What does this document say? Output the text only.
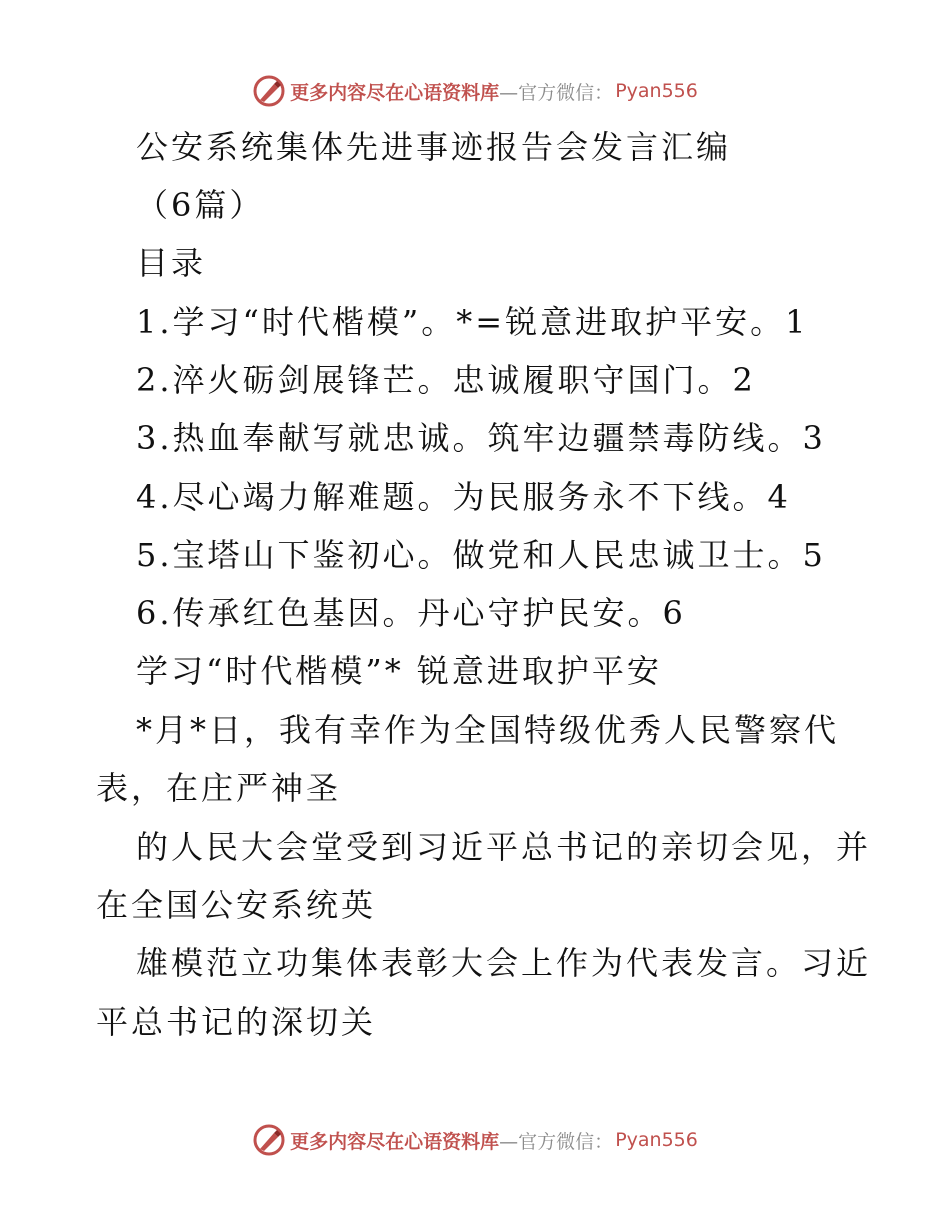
更多内容尽在心语资料库 —官方微信： Pyan556
公安系统集体先进事迹报告会发言汇编
（6篇）
目录
1.学习“时代楷模”。*=锐意进取护平安。1
2.淬火砺剑展锋芒。忠诚履职守国门。2
3.热血奉献写就忠诚。筑牢边疆禁毒防线。3
4.尽心竭力解难题。为民服务永不下线。4
5.宝塔山下鉴初心。做党和人民忠诚卫士。5
6.传承红色基因。丹心守护民安。6
学习“时代楷模”* 锐意进取护平安
*月*日，我有幸作为全国特级优秀人民警察代
表，在庄严神圣
的人民大会堂受到习近平总书记的亲切会见，并
在全国公安系统英
雄模范立功集体表彰大会上作为代表发言。习近
平总书记的深切关
更多内容尽在心语资料库 —官方微信： Pyan556
